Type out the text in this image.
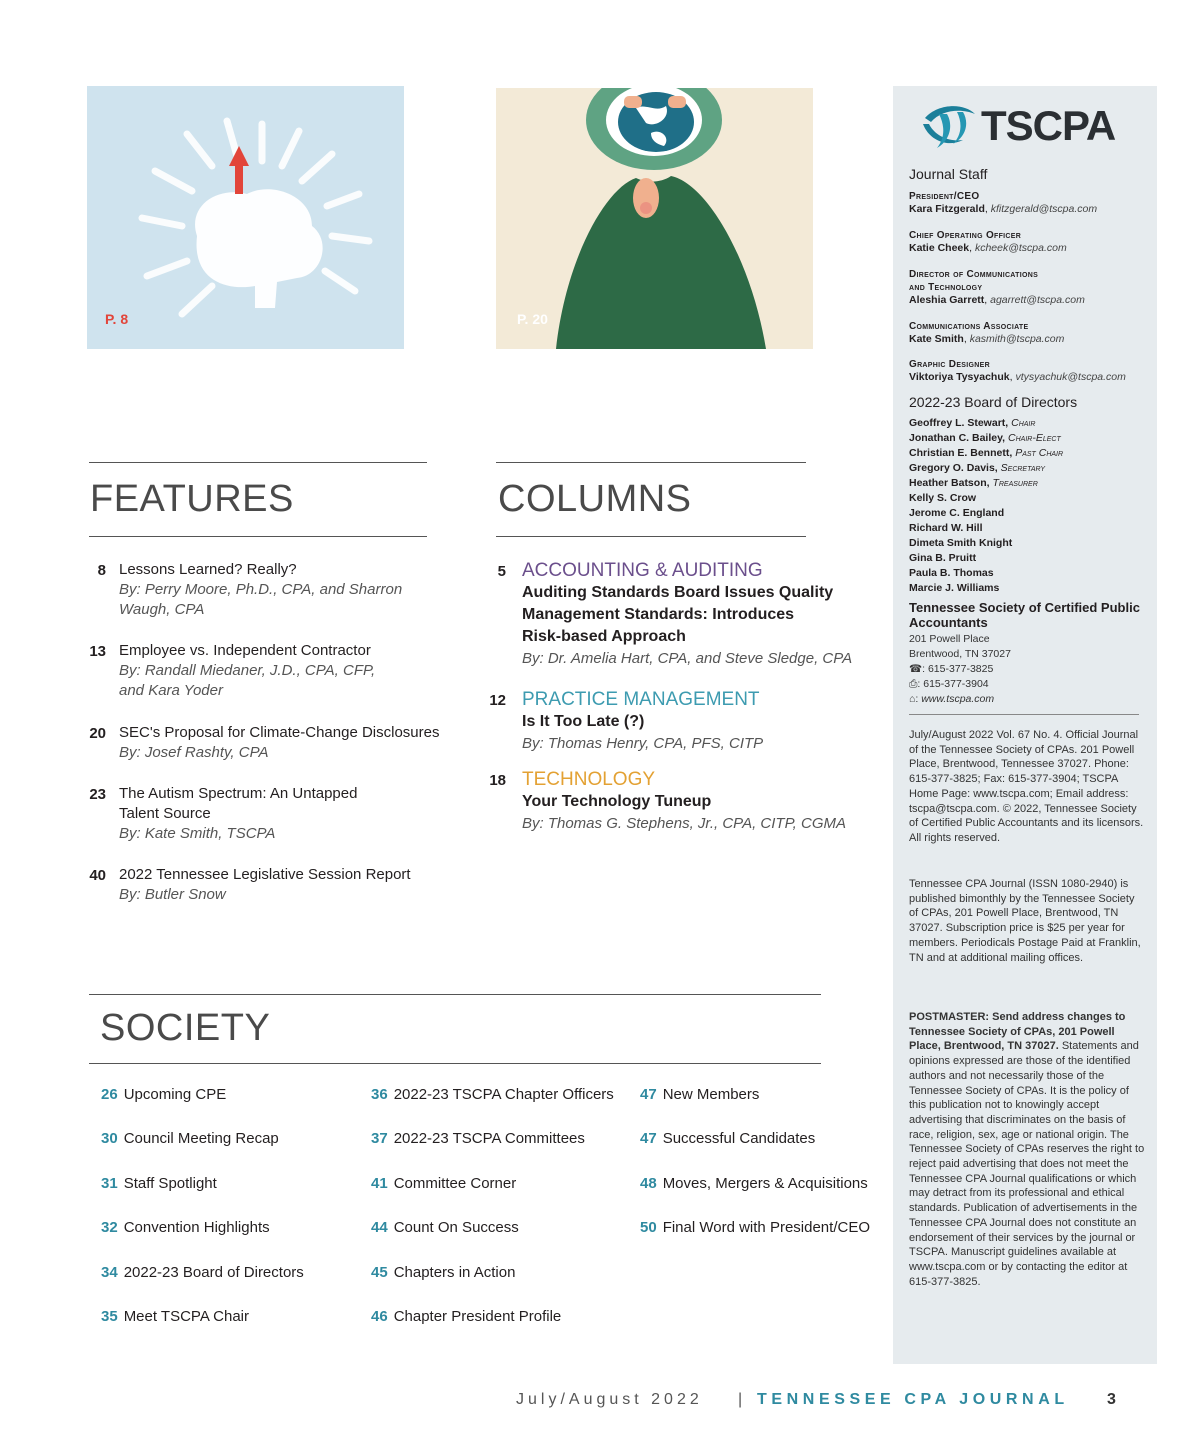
P. 8	P. 20
FEATURES
8 Lessons Learned? Really?
By: Perry Moore, Ph.D., CPA, and Sharron
Waugh, CPA
13 Employee vs. Independent Contractor
By: Randall Miedaner, J.D., CPA, CFP,
and Kara Yoder
20 SEC's Proposal for Climate-Change Disclosures
By: Josef Rashty, CPA
23 The Autism Spectrum: An Untapped
Talent Source
By: Kate Smith, TSCPA
40 2022 Tennessee Legislative Session Report
By: Butler Snow
COLUMNS
5 ACCOUNTING & AUDITING
Auditing Standards Board Issues Quality
Management Standards: Introduces
Risk-based Approach
By: Dr. Amelia Hart, CPA, and Steve Sledge, CPA
12 PRACTICE MANAGEMENT
Is It Too Late (?)
By: Thomas Henry, CPA, PFS, CITP
18 TECHNOLOGY
Your Technology Tuneup
By: Thomas G. Stephens, Jr., CPA, CITP, CGMA
SOCIETY
26 Upcoming CPE
30 Council Meeting Recap
31 Staff Spotlight
32 Convention Highlights
34 2022-23 Board of Directors
35 Meet TSCPA Chair
36 2022-23 TSCPA Chapter Officers
37 2022-23 TSCPA Committees
41 Committee Corner
44 Count On Success
45 Chapters in Action
46 Chapter President Profile
47 New Members
47 Successful Candidates
48 Moves, Mergers & Acquisitions
50 Final Word with President/CEO
TSCPA
Journal Staff
President/CEO
Kara Fitzgerald, kfitzgerald@tscpa.com
Chief Operating Officer
Katie Cheek, kcheek@tscpa.com
Director of Communications
and Technology
Aleshia Garrett, agarrett@tscpa.com
Communications Associate
Kate Smith, kasmith@tscpa.com
Graphic Designer
Viktoriya Tysyachuk, vtysyachuk@tscpa.com
2022-23 Board of Directors
Geoffrey L. Stewart, Chair
Jonathan C. Bailey, Chair-Elect
Christian E. Bennett, Past Chair
Gregory O. Davis, Secretary
Heather Batson, Treasurer
Kelly S. Crow
Jerome C. England
Richard W. Hill
Dimeta Smith Knight
Gina B. Pruitt
Paula B. Thomas
Marcie J. Williams
Tennessee Society of Certified Public Accountants
201 Powell Place
Brentwood, TN 37027
☎: 615-377-3825
⎙: 615-377-3904
⌂: www.tscpa.com
July/August 2022 Vol. 67 No. 4. Official Journal of the Tennessee Society of CPAs. 201 Powell Place, Brentwood, Tennessee 37027. Phone: 615-377-3825; Fax: 615-377-3904; TSCPA Home Page: www.tscpa.com; Email address: tscpa@tscpa.com. © 2022, Tennessee Society of Certified Public Accountants and its licensors. All rights reserved.
Tennessee CPA Journal (ISSN 1080-2940) is published bimonthly by the Tennessee Society of CPAs, 201 Powell Place, Brentwood, TN 37027. Subscription price is $25 per year for members. Periodicals Postage Paid at Franklin, TN and at additional mailing offices.
POSTMASTER: Send address changes to Tennessee Society of CPAs, 201 Powell Place, Brentwood, TN 37027. Statements and opinions expressed are those of the identified authors and not necessarily those of the Tennessee Society of CPAs. It is the policy of this publication not to knowingly accept advertising that discriminates on the basis of race, religion, sex, age or national origin. The Tennessee Society of CPAs reserves the right to reject paid advertising that does not meet the Tennessee CPA Journal qualifications or which may detract from its professional and ethical standards. Publication of advertisements in the Tennessee CPA Journal does not constitute an endorsement of their services by the journal or TSCPA. Manuscript guidelines available at www.tscpa.com or by contacting the editor at 615-377-3825.
July/August 2022 | TENNESSEE CPA JOURNAL 3
